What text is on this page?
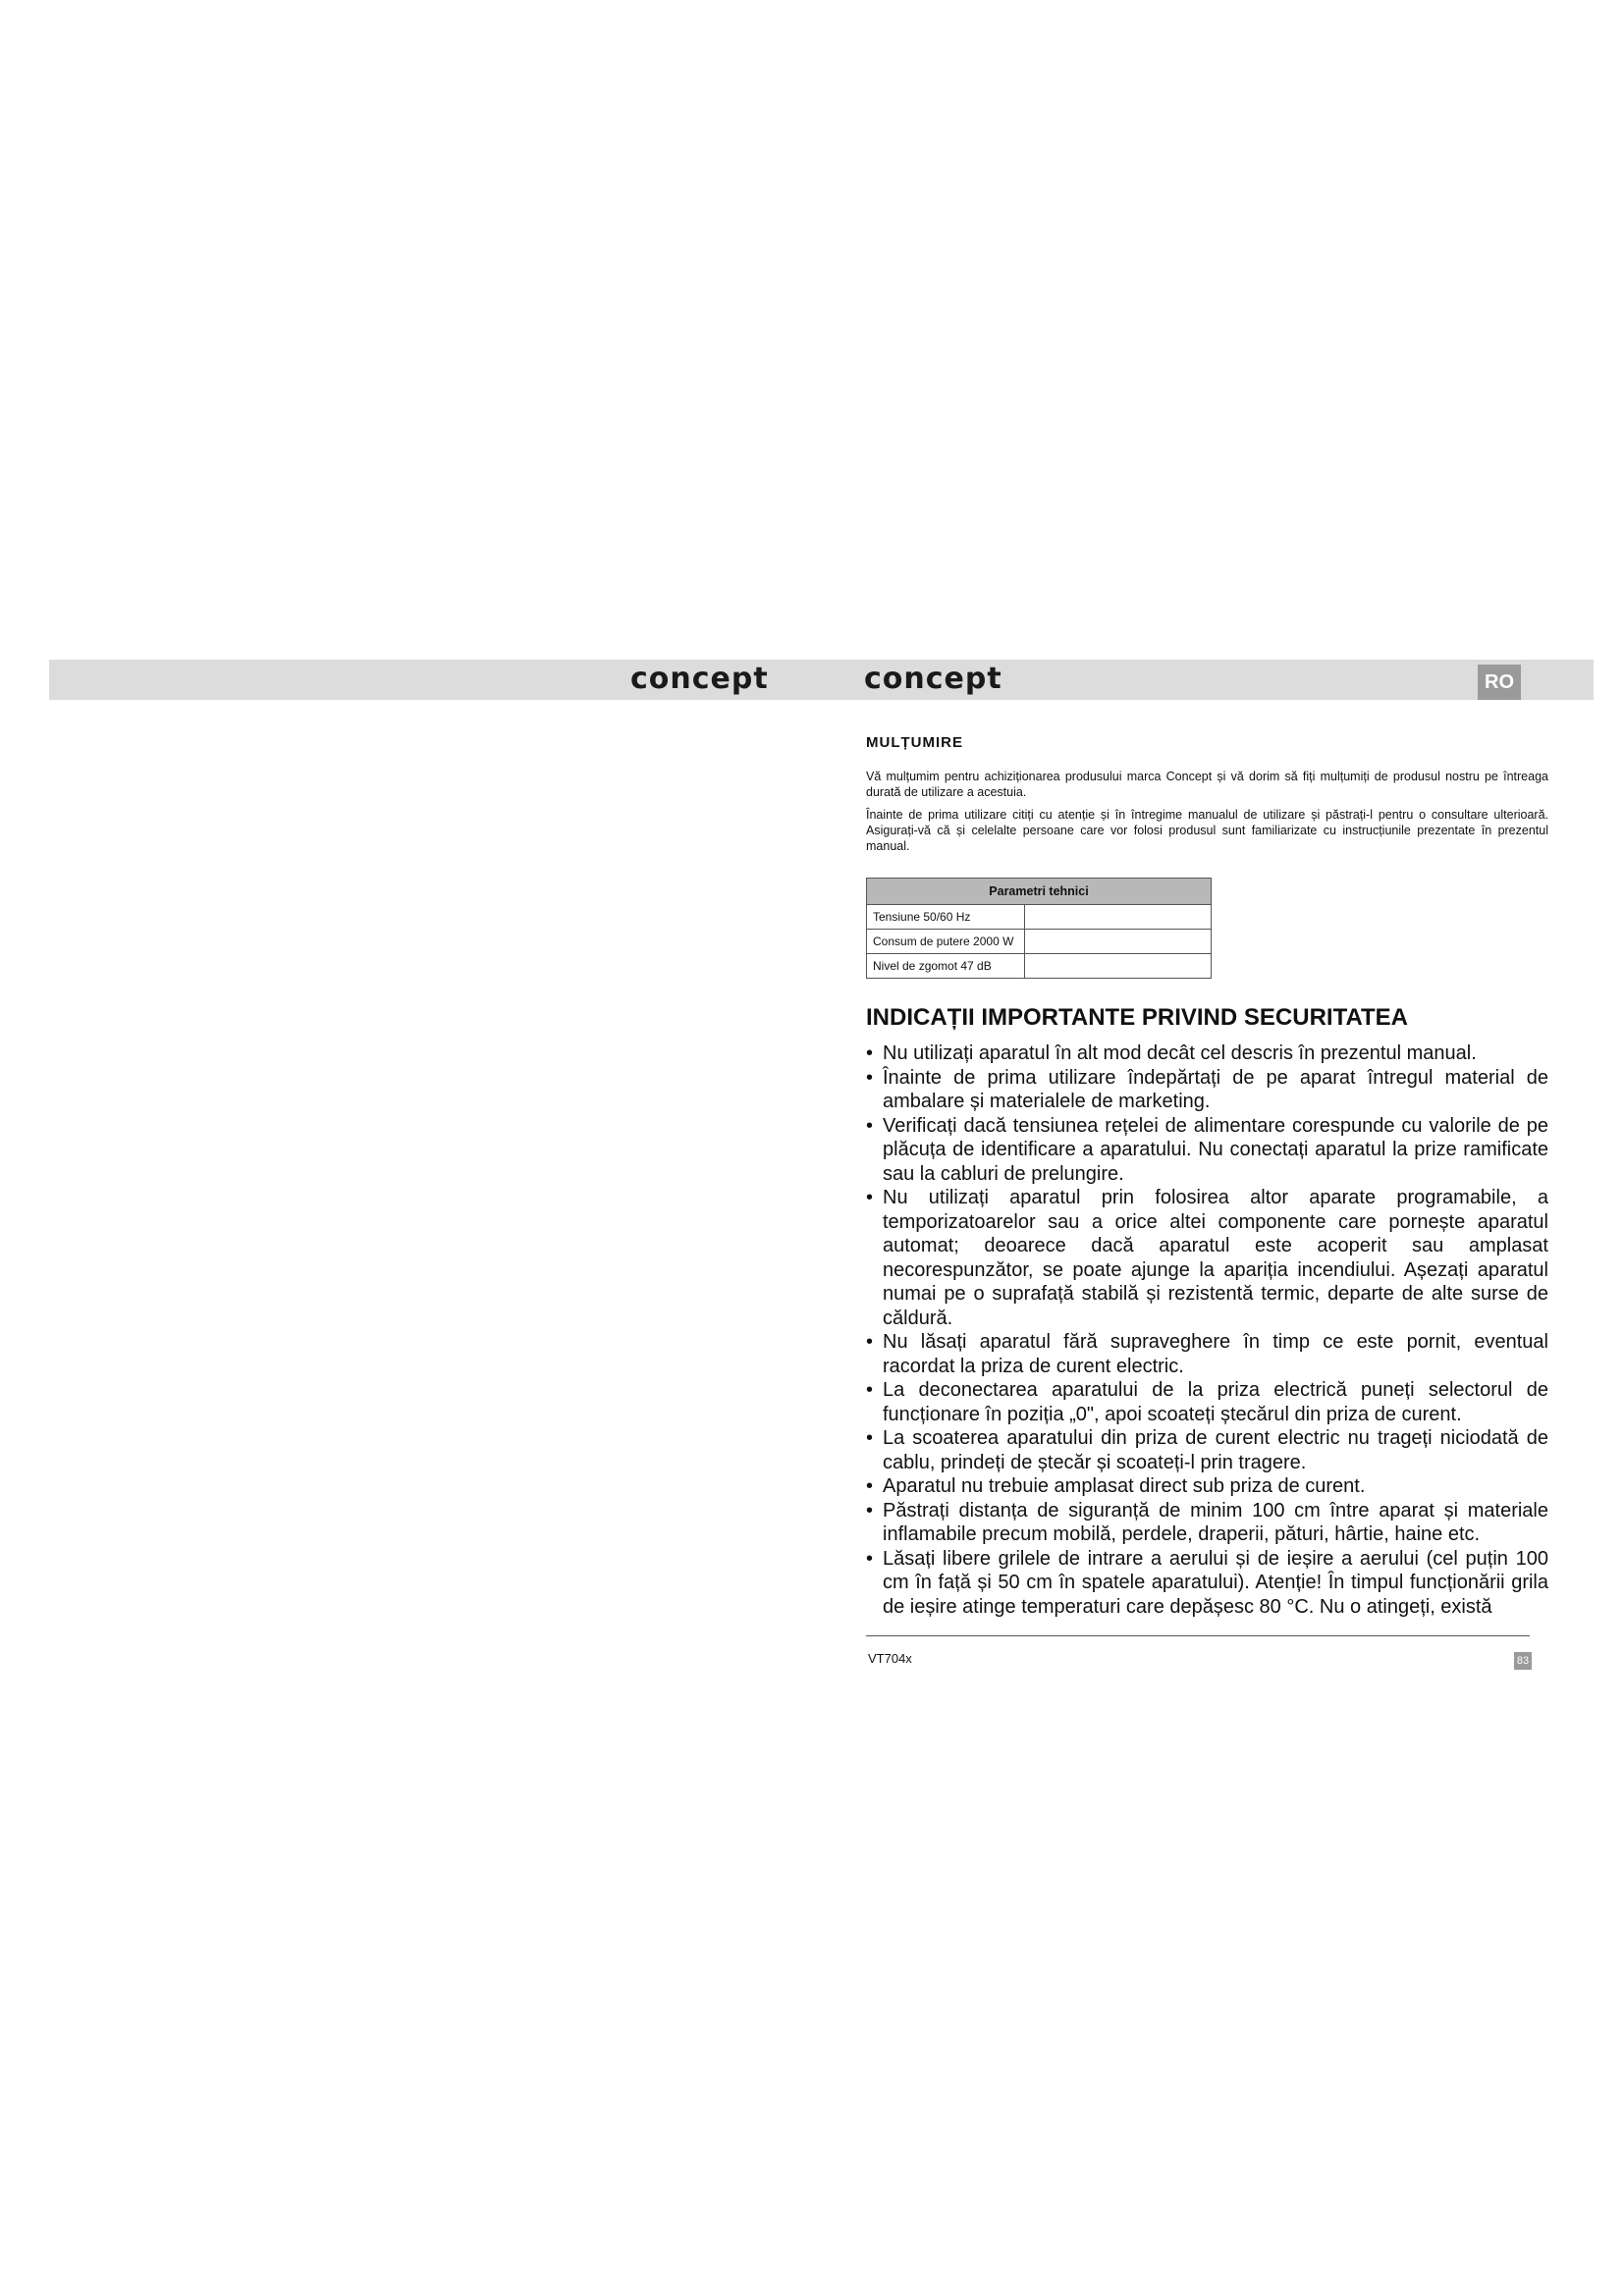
concept	concept	RO
MULȚUMIRE

Vă mulțumim pentru achiziționarea produsului marca Concept și vă dorim să fiți mulțumiți de produsul nostru pe întreaga durată de utilizare a acestuia.

Înainte de prima utilizare citiți cu atenție și în întregime manualul de utilizare și păstrați-l pentru o consultare ulterioară. Asigurați-vă că și celelalte persoane care vor folosi produsul sunt familiarizate cu instrucțiunile prezentate în prezentul manual.

Parametri tehnici	
Tensiune 50/60 Hz	
Consum de putere 2000 W	
Nivel de zgomot 47 dB	
INDICAȚII IMPORTANTE PRIVIND SECURITATEA
• Nu utilizați aparatul în alt mod decât cel descris în prezentul manual.
• Înainte de prima utilizare îndepărtați de pe aparat întregul material de ambalare și materialele de marketing.
• Verificați dacă tensiunea rețelei de alimentare corespunde cu valorile de pe plăcuța de identificare a aparatului. Nu conectați aparatul la prize ramificate sau la cabluri de prelungire.
• Nu utilizați aparatul prin folosirea altor aparate programabile, a temporizatoarelor sau a orice altei componente care pornește aparatul automat; deoarece dacă aparatul este acoperit sau amplasat necorespunzător, se poate ajunge la apariția incendiului. Așezați aparatul numai pe o suprafață stabilă și rezistentă termic, departe de alte surse de căldură.
• Nu lăsați aparatul fără supraveghere în timp ce este pornit, eventual racordat la priza de curent electric.
• La deconectarea aparatului de la priza electrică puneți selectorul de funcționare în poziția „0", apoi scoateți ștecărul din priza de curent.
• La scoaterea aparatului din priza de curent electric nu trageți niciodată de cablu, prindeți de ștecăr și scoateți-l prin tragere.
• Aparatul nu trebuie amplasat direct sub priza de curent.
• Păstrați distanța de siguranță de minim 100 cm între aparat și materiale inflamabile precum mobilă, perdele, draperii, pături, hârtie, haine etc.
• Lăsați libere grilele de intrare a aerului și de ieșire a aerului (cel puțin 100 cm în față și 50 cm în spatele aparatului). Atenție! În timpul funcționării grila de ieșire atinge temperaturi care depășesc 80 °C. Nu o atingeți, există
VT704x	83
